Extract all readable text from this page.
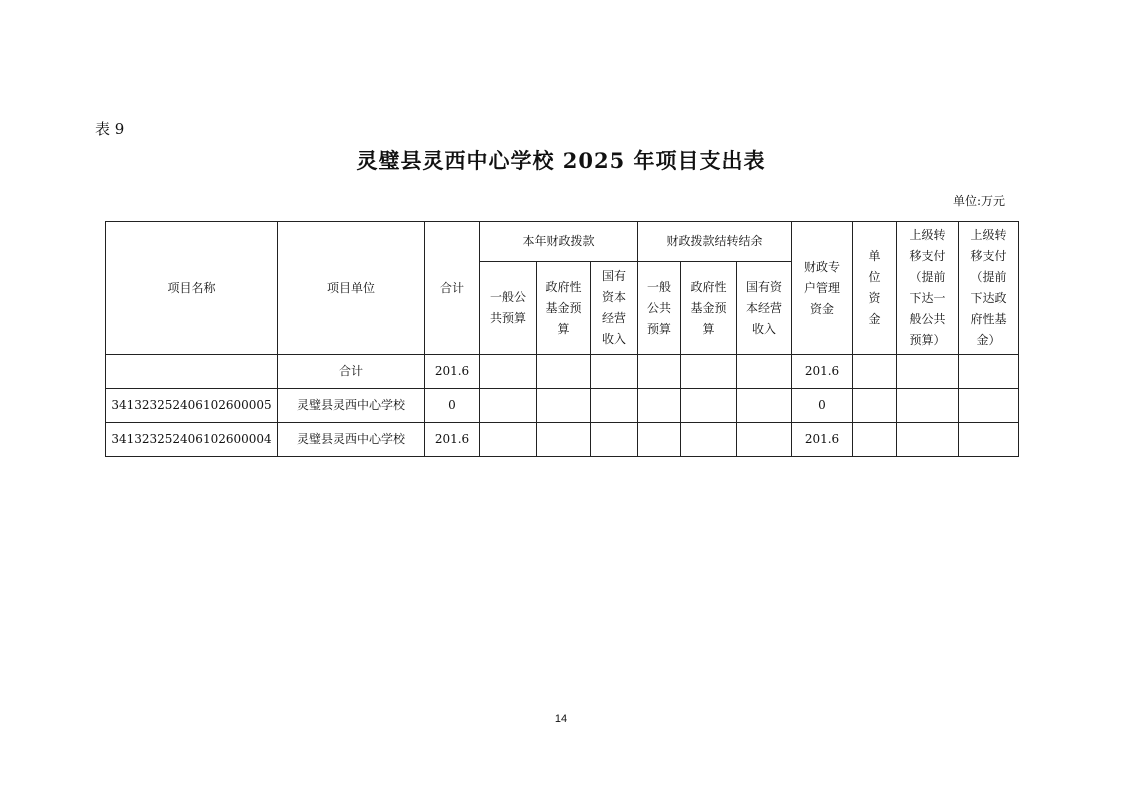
表 9
灵璧县灵西中心学校 2025 年项目支出表
单位:万元
项目名称	项目单位	合计	本年财政拨款			财政拨款结转结余			财政专户管理资金	单位资金	上级转移支付（提前下达一般公共预算）	上级转移支付（提前下达政府性基金）
			一般公共预算	政府性基金预算	国有资本经营收入	一般公共预算	政府性基金预算	国有资本经营收入				
	合计	201.6							201.6			
341323252406102600005	灵璧县灵西中心学校	0							0			
341323252406102600004	灵璧县灵西中心学校	201.6							201.6			
14
